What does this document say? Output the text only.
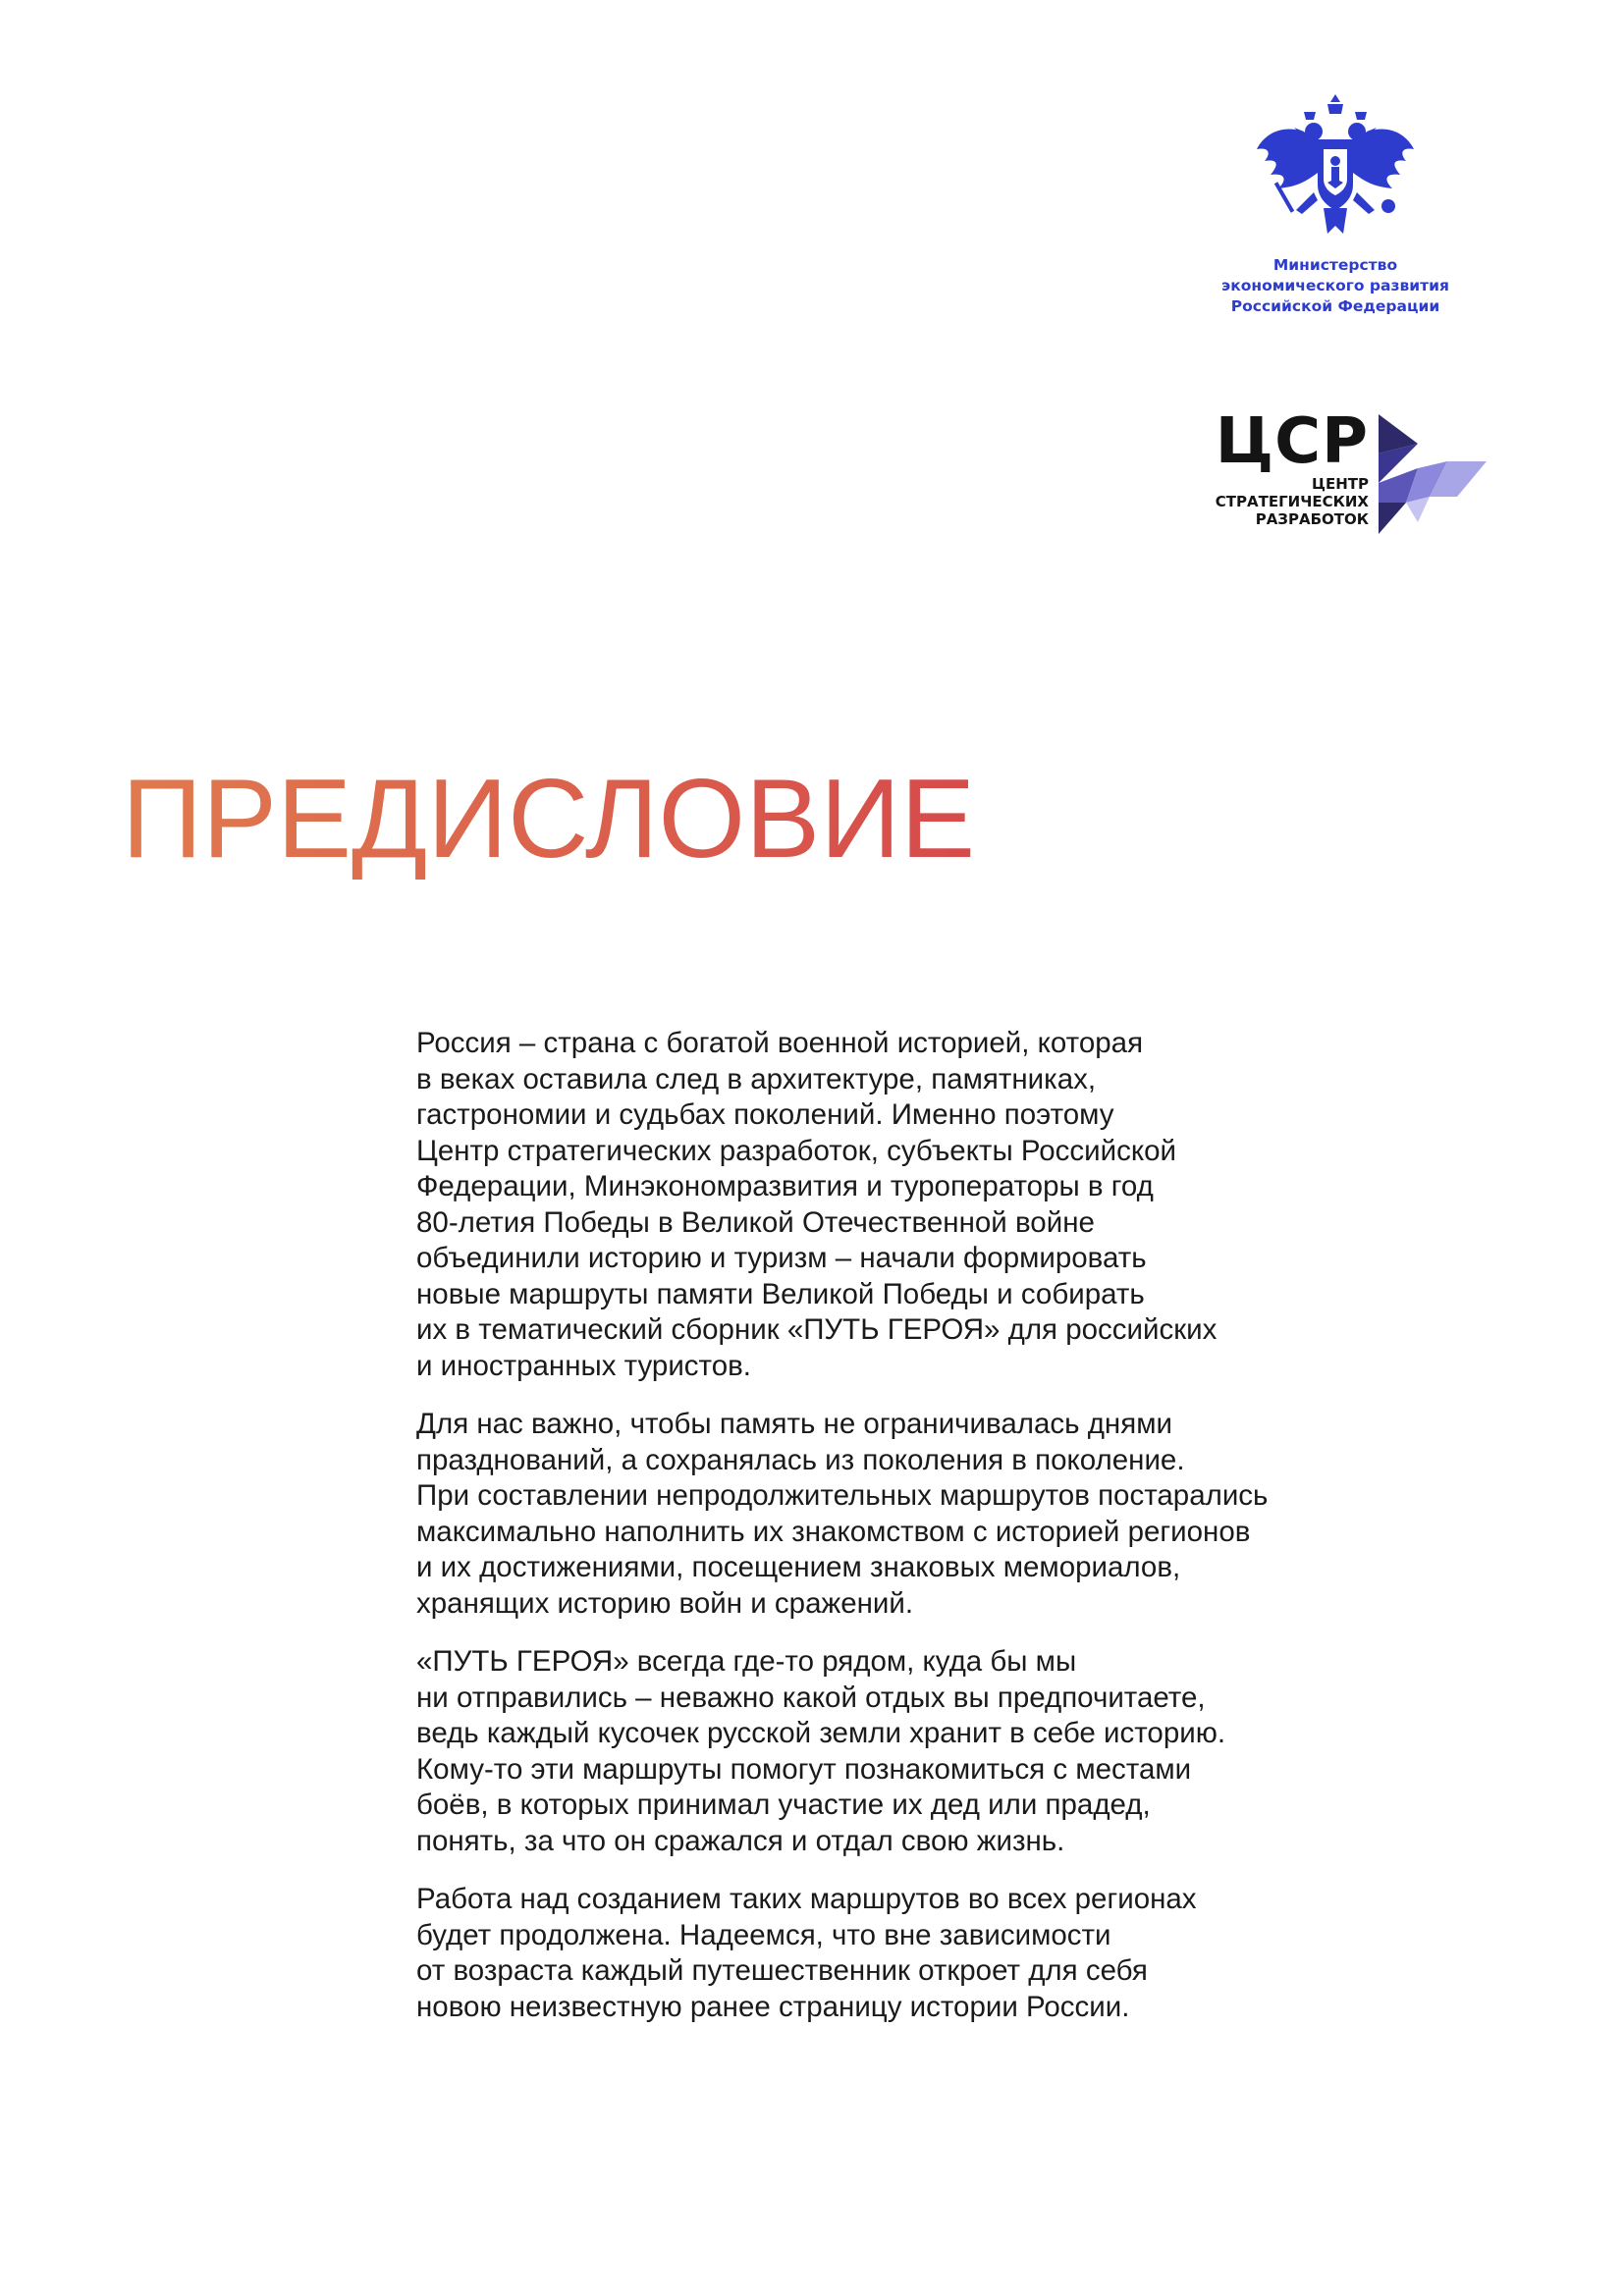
Министерство
экономического развития
Российской Федерации
ЦСР
ЦЕНТР
СТРАТЕГИЧЕСКИХ
РАЗРАБОТОК
ПРЕДИСЛОВИЕ
Россия – страна с богатой военной историей, которая
в веках оставила след в архитектуре, памятниках,
гастрономии и судьбах поколений. Именно поэтому
Центр стратегических разработок, субъекты Российской
Федерации, Минэкономразвития и туроператоры в год
80-летия Победы в Великой Отечественной войне
объединили историю и туризм – начали формировать
новые маршруты памяти Великой Победы и собирать
их в тематический сборник «ПУТЬ ГЕРОЯ» для российских
и иностранных туристов.
Для нас важно, чтобы память не ограничивалась днями
празднований, а сохранялась из поколения в поколение.
При составлении непродолжительных маршрутов постарались
максимально наполнить их знакомством с историей регионов
и их достижениями, посещением знаковых мемориалов,
хранящих историю войн и сражений.
«ПУТЬ ГЕРОЯ» всегда где-то рядом, куда бы мы
ни отправились – неважно какой отдых вы предпочитаете,
ведь каждый кусочек русской земли хранит в себе историю.
Кому-то эти маршруты помогут познакомиться с местами
боёв, в которых принимал участие их дед или прадед,
понять, за что он сражался и отдал свою жизнь.
Работа над созданием таких маршрутов во всех регионах
будет продолжена. Надеемся, что вне зависимости
от возраста каждый путешественник откроет для себя
новою неизвестную ранее страницу истории России.
